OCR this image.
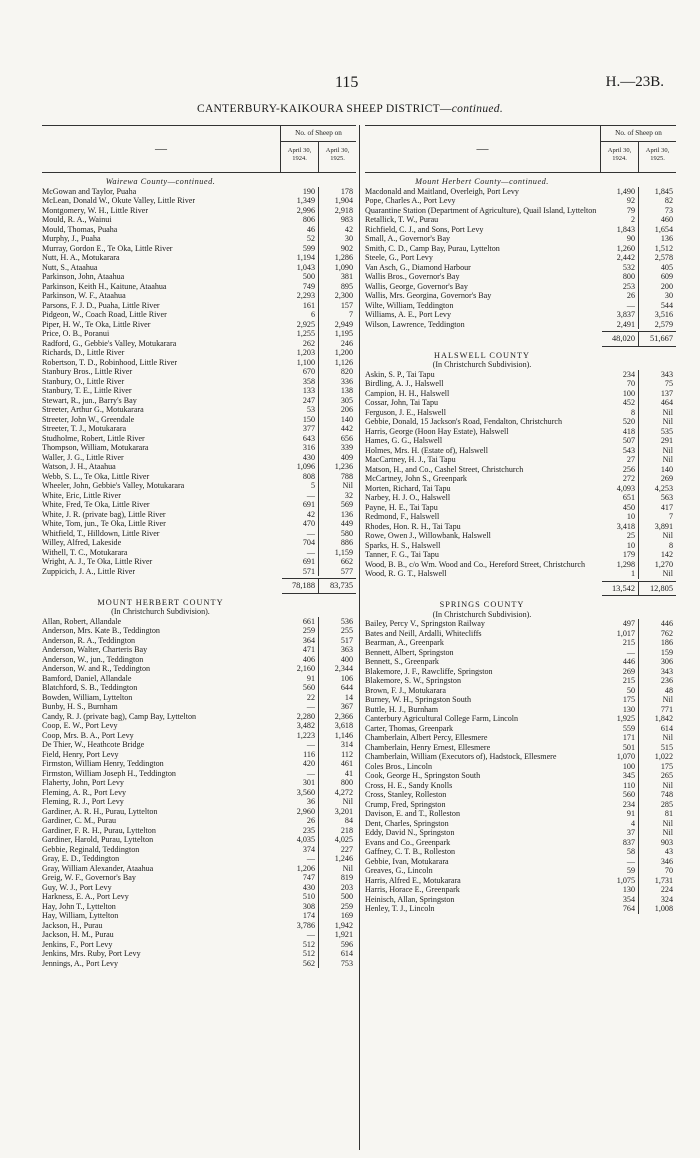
115	H.—23B.
CANTERBURY-KAIKOURA SHEEP DISTRICT—continued.
—
No. of Sheep on
April 30, 1924.
April 30, 1925.
Wairewa County—continued.
McGowan and Taylor, Puaha	190	178
McLean, Donald W., Okute Valley, Little River	1,349	1,904
Montgomery, W. H., Little River	2,996	2,918
Mould, R. A., Wainui	806	983
Mould, Thomas, Puaha	46	42
Murphy, J., Puaha	52	30
Murray, Gordon E., Te Oka, Little River	599	902
Nutt, H. A., Motukarara	1,194	1,286
Nutt, S., Ataahua	1,043	1,090
Parkinson, John, Ataahua	500	381
Parkinson, Keith H., Kaitune, Ataahua	749	895
Parkinson, W. F., Ataahua	2,293	2,300
Parsons, F. J. D., Puaha, Little River	161	157
Pidgeon, W., Coach Road, Little River	6	7
Piper, H. W., Te Oka, Little River	2,925	2,949
Price, O. B., Poranui	1,255	1,195
Radford, G., Gebbie's Valley, Motukarara	262	246
Richards, D., Little River	1,203	1,200
Robertson, T. D., Robinhood, Little River	1,100	1,126
Stanbury Bros., Little River	670	820
Stanbury, O., Little River	358	336
Stanbury, T. E., Little River	133	138
Stewart, R., jun., Barry's Bay	247	305
Streeter, Arthur G., Motukarara	53	206
Streeter, John W., Greendale	150	140
Streeter, T. J., Motukarara	377	442
Studholme, Robert, Little River	643	656
Thompson, William, Motukarara	316	339
Waller, J. G., Little River	430	409
Watson, J. H., Ataahua	1,096	1,236
Webb, S. L., Te Oka, Little River	808	788
Wheeler, John, Gebbie's Valley, Motukarara	5	Nil
White, Eric, Little River	—	32
White, Fred, Te Oka, Little River	691	569
White, J. R. (private bag), Little River	42	136
White, Tom, jun., Te Oka, Little River	470	449
Whitfield, T., Hilldown, Little River	—	580
Willey, Alfred, Lakeside	704	886
Withell, T. C., Motukarara	—	1,159
Wright, A. J., Te Oka, Little River	691	662
Zuppicich, J. A., Little River	571	577
78,188	83,735
MOUNT HERBERT COUNTY
(In Christchurch Subdivision).
Allan, Robert, Allandale	661	536
Anderson, Mrs. Kate B., Teddington	259	255
Anderson, R. A., Teddington	364	517
Anderson, Walter, Charteris Bay	471	363
Anderson, W., jun., Teddington	406	400
Anderson, W. and R., Teddington	2,160	2,344
Bamford, Daniel, Allandale	91	106
Blatchford, S. B., Teddington	560	644
Bowden, William, Lyttelton	22	14
Bunby, H. S., Burnham	—	367
Candy, R. J. (private bag), Camp Bay, Lyttelton	2,280	2,366
Coop, E. W., Port Levy	3,482	3,618
Coop, Mrs. B. A., Port Levy	1,223	1,146
De Thier, W., Heathcote Bridge	—	314
Field, Henry, Port Levy	116	112
Firmston, William Henry, Teddington	420	461
Firmston, William Joseph H., Teddington	—	41
Flaherty, John, Port Levy	301	800
Fleming, A. R., Port Levy	3,560	4,272
Fleming, R. J., Port Levy	36	Nil
Gardiner, A. R. H., Purau, Lyttelton	2,960	3,201
Gardiner, C. M., Purau	26	84
Gardiner, F. R. H., Purau, Lyttelton	235	218
Gardiner, Harold, Purau, Lyttelton	4,035	4,025
Gebbie, Reginald, Teddington	374	227
Gray, E. D., Teddington	—	1,246
Gray, William Alexander, Ataahua	1,206	Nil
Greig, W. F., Governor's Bay	747	819
Guy, W. J., Port Levy	430	203
Harkness, E. A., Port Levy	510	500
Hay, John T., Lyttelton	308	259
Hay, William, Lyttelton	174	169
Jackson, H., Purau	3,786	1,942
Jackson, H. M., Purau	—	1,921
Jenkins, F., Port Levy	512	596
Jenkins, Mrs. Ruby, Port Levy	512	614
Jennings, A., Port Levy	562	753
—
No. of Sheep on
April 30, 1924.
April 30, 1925.
Mount Herbert County—continued.
Macdonald and Maitland, Overleigh, Port Levy	1,490	1,845
Pope, Charles A., Port Levy	92	82
Quarantine Station (Department of Agriculture), Quail Island, Lyttelton	79	73
Retallick, T. W., Purau	2	460
Richfield, C. J., and Sons, Port Levy	1,843	1,654
Small, A., Governor's Bay	90	136
Smith, C. D., Camp Bay, Purau, Lyttelton	1,260	1,512
Steele, G., Port Levy	2,442	2,578
Van Asch, G., Diamond Harbour	532	405
Wallis Bros., Governor's Bay	800	609
Wallis, George, Governor's Bay	253	200
Wallis, Mrs. Georgina, Governor's Bay	26	30
Wilte, William, Teddington	—	544
Williams, A. E., Port Levy	3,837	3,516
Wilson, Lawrence, Teddington	2,491	2,579
48,020	51,667
HALSWELL COUNTY
(In Christchurch Subdivision).
Askin, S. P., Tai Tapu	234	343
Birdling, A. J., Halswell	70	75
Campion, H. H., Halswell	100	137
Cossar, John, Tai Tapu	452	464
Ferguson, J. E., Halswell	8	Nil
Gebbie, Donald, 15 Jackson's Road, Fendalton, Christchurch	520	Nil
Harris, George (Hoon Hay Estate), Halswell	418	535
Hames, G. G., Halswell	507	291
Holmes, Mrs. H. (Estate of), Halswell	543	Nil
MacCartney, H. J., Tai Tapu	27	Nil
Matson, H., and Co., Cashel Street, Christchurch	256	140
McCartney, John S., Greenpark	272	269
Morten, Richard, Tai Tapu	4,093	4,253
Narbey, H. J. O., Halswell	651	563
Payne, H. E., Tai Tapu	450	417
Redmond, F., Halswell	10	7
Rhodes, Hon. R. H., Tai Tapu	3,418	3,891
Rowe, Owen J., Willowbank, Halswell	25	Nil
Sparks, H. S., Halswell	10	8
Tanner, F. G., Tai Tapu	179	142
Wood, B. B., c/o Wm. Wood and Co., Hereford Street, Christchurch	1,298	1,270
Wood, R. G. T., Halswell	1	Nil
13,542	12,805
SPRINGS COUNTY
(In Christchurch Subdivision).
Bailey, Percy V., Springston Railway	497	446
Bates and Neill, Ardalli, Whitecliffs	1,017	762
Bearman, A., Greenpark	215	186
Bennett, Albert, Springston	—	159
Bennett, S., Greenpark	446	306
Blakemore, J. F., Rawcliffe, Springston	269	343
Blakemore, S. W., Springston	215	236
Brown, F. J., Motukarara	50	48
Burney, W. H., Springston South	175	Nil
Buttle, H. J., Burnham	130	771
Canterbury Agricultural College Farm, Lincoln	1,925	1,842
Carter, Thomas, Greenpark	559	614
Chamberlain, Albert Percy, Ellesmere	171	Nil
Chamberlain, Henry Ernest, Ellesmere	501	515
Chamberlain, William (Executors of), Hadstock, Ellesmere	1,070	1,022
Coles Bros., Lincoln	100	175
Cook, George H., Springston South	345	265
Cross, H. E., Sandy Knolls	110	Nil
Cross, Stanley, Rolleston	560	748
Crump, Fred, Springston	234	285
Davison, E. and T., Rolleston	91	81
Dent, Charles, Springston	4	Nil
Eddy, David N., Springston	37	Nil
Evans and Co., Greenpark	837	903
Gaffney, C. T. B., Rolleston	58	43
Gebbie, Ivan, Motukarara	—	346
Greaves, G., Lincoln	59	70
Harris, Alfred E., Motukarara	1,075	1,731
Harris, Horace E., Greenpark	130	224
Heinisch, Allan, Springston	354	324
Henley, T. J., Lincoln	764	1,008
